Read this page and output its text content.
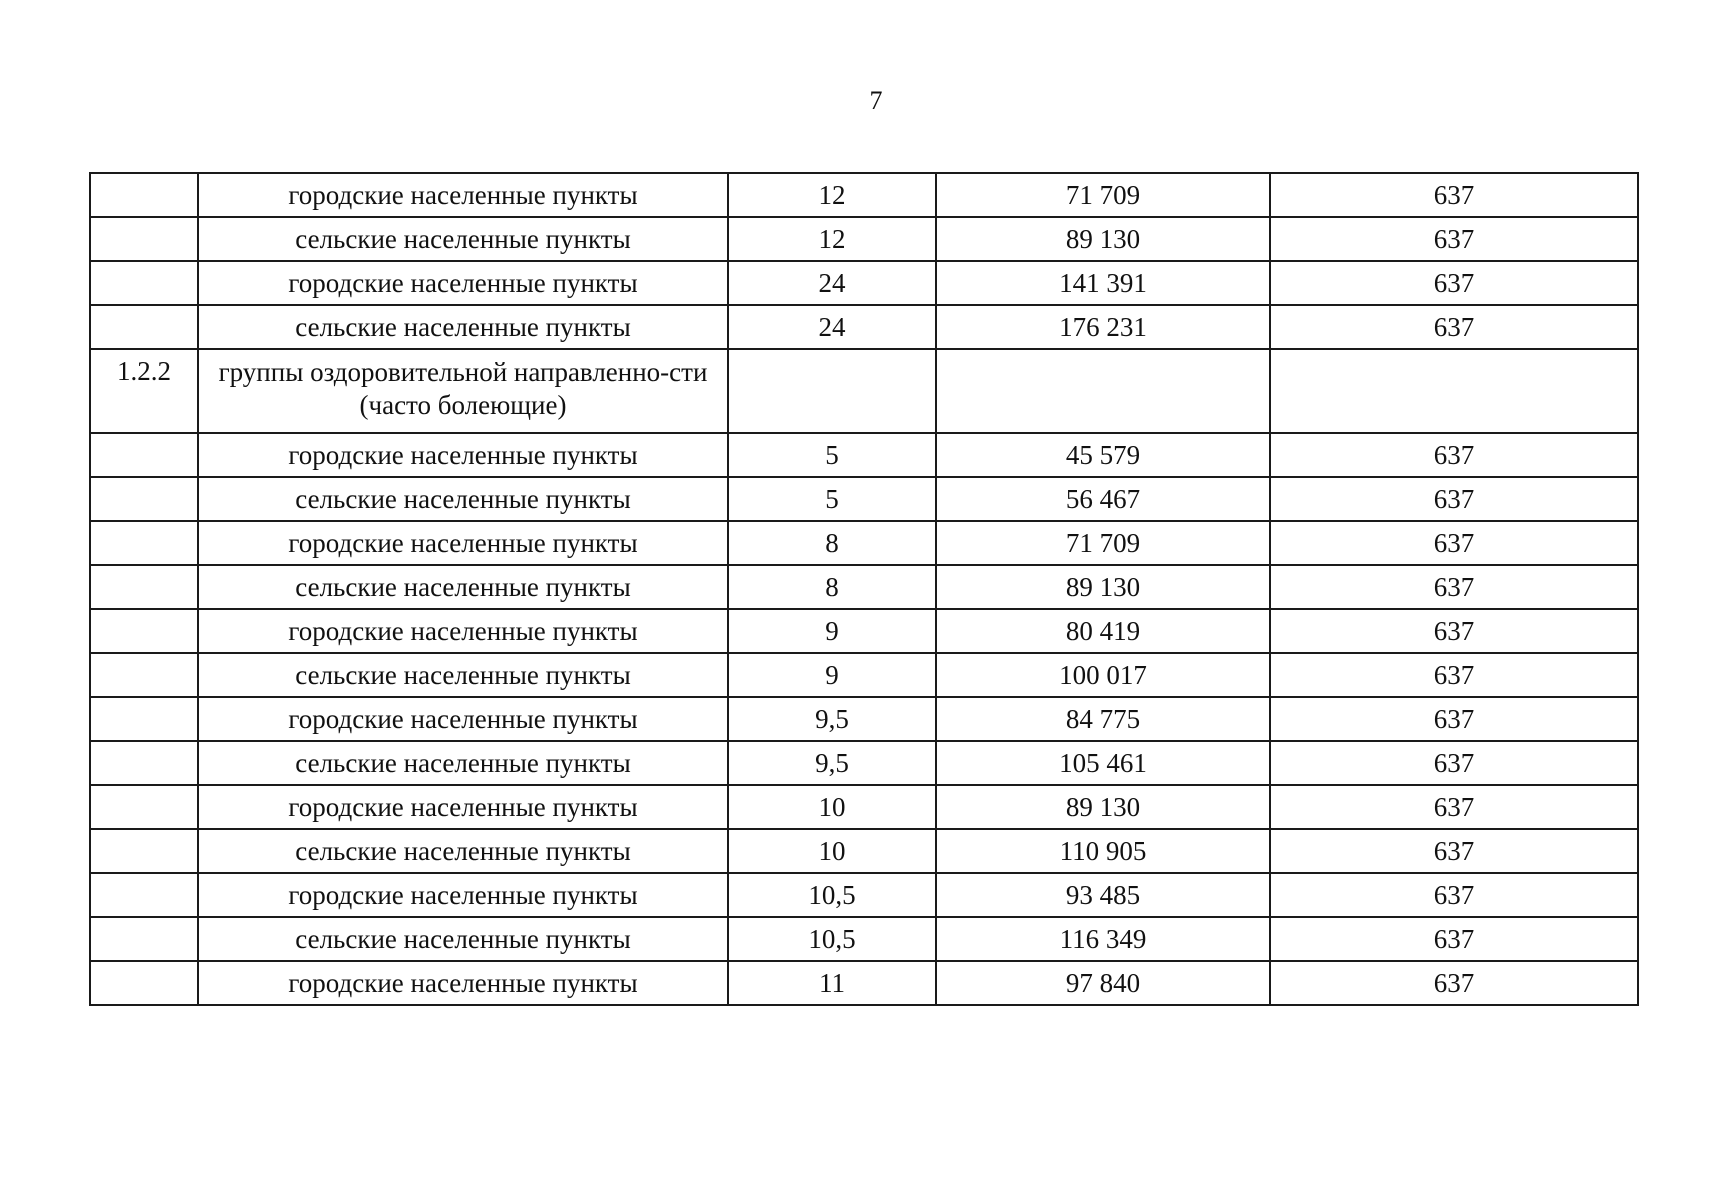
7
	городские населенные пункты	12	71 709	637
	сельские населенные пункты	12	89 130	637
	городские населенные пункты	24	141 391	637
	сельские населенные пункты	24	176 231	637
1.2.2	группы оздоровительной направленно-сти (часто болеющие)			
	городские населенные пункты	5	45 579	637
	сельские населенные пункты	5	56 467	637
	городские населенные пункты	8	71 709	637
	сельские населенные пункты	8	89 130	637
	городские населенные пункты	9	80 419	637
	сельские населенные пункты	9	100 017	637
	городские населенные пункты	9,5	84 775	637
	сельские населенные пункты	9,5	105 461	637
	городские населенные пункты	10	89 130	637
	сельские населенные пункты	10	110 905	637
	городские населенные пункты	10,5	93 485	637
	сельские населенные пункты	10,5	116 349	637
	городские населенные пункты	11	97 840	637
